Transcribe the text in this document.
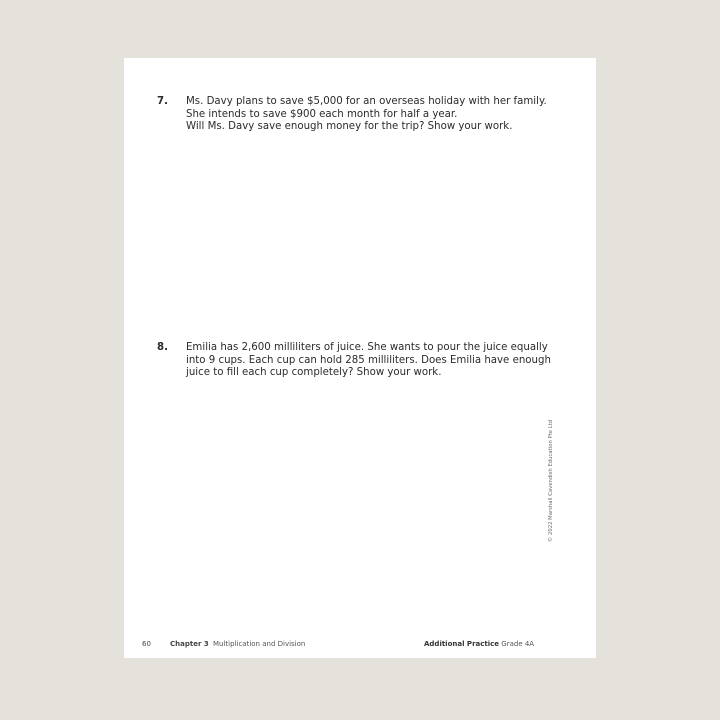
7. Ms. Davy plans to save $5,000 for an overseas holiday with her family.
She intends to save $900 each month for half a year.
Will Ms. Davy save enough money for the trip? Show your work.
8. Emilia has 2,600 milliliters of juice. She wants to pour the juice equally
into 9 cups. Each cup can hold 285 milliliters. Does Emilia have enough
juice to fill each cup completely? Show your work.
© 2022 Marshall Cavendish Education Pte Ltd
60	Chapter 3 Multiplication and Division	Additional Practice Grade 4A
